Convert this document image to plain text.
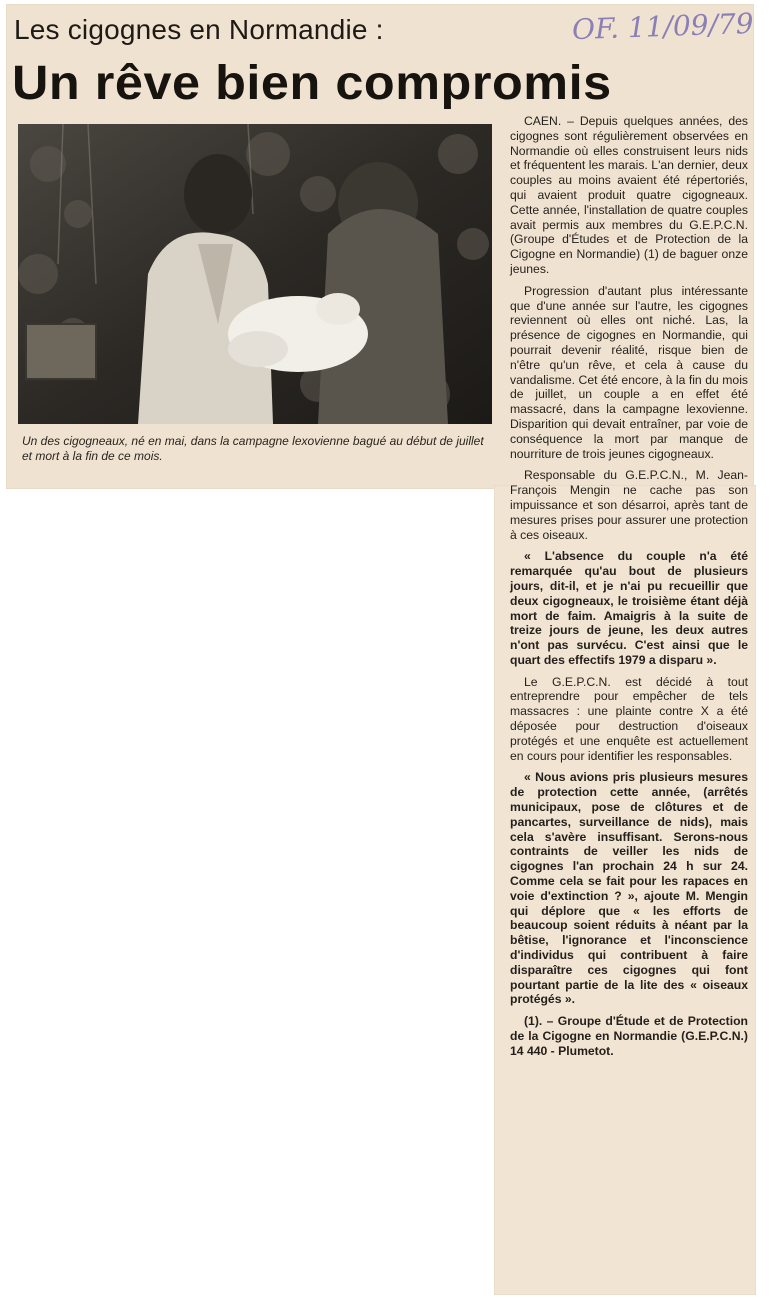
Les cigognes en Normandie :
Un rêve bien compromis
OF. 11/09/79
Un des cigogneaux, né en mai, dans la campagne lexovienne bagué au début de juillet et mort à la fin de ce mois.

CAEN. – Depuis quelques années, des cigognes sont régulièrement observées en Normandie où elles construisent leurs nids et fréquentent les marais. L'an dernier, deux couples au moins avaient été répertoriés, qui avaient produit quatre cigogneaux. Cette année, l'installation de quatre couples avait permis aux membres du G.E.P.C.N. (Groupe d'Études et de Protection de la Cigogne en Normandie) (1) de baguer onze jeunes.

Progression d'autant plus intéressante que d'une année sur l'autre, les cigognes reviennent où elles ont niché. Las, la présence de cigognes en Normandie, qui pourrait devenir réalité, risque bien de n'être qu'un rêve, et cela à cause du vandalisme. Cet été encore, à la fin du mois de juillet, un couple a en effet été massacré, dans la campagne lexovienne. Disparition qui devait entraîner, par voie de conséquence la mort par manque de nourriture de trois jeunes cigogneaux.

Responsable du G.E.P.C.N., M. Jean-François Mengin ne cache pas son impuissance et son désarroi, après tant de mesures prises pour assurer une protection à ces oiseaux.

« L'absence du couple n'a été remarquée qu'au bout de plusieurs jours, dit-il, et je n'ai pu recueillir que deux cigogneaux, le troisième étant déjà mort de faim. Amaigris à la suite de treize jours de jeune, les deux autres n'ont pas survécu. C'est ainsi que le quart des effectifs 1979 a disparu ».

Le G.E.P.C.N. est décidé à tout entreprendre pour empêcher de tels massacres : une plainte contre X a été déposée pour destruction d'oiseaux protégés et une enquête est actuellement en cours pour identifier les responsables.

« Nous avions pris plusieurs mesures de protection cette année, (arrêtés municipaux, pose de clôtures et de pancartes, surveillance de nids), mais cela s'avère insuffisant. Serons-nous contraints de veiller les nids de cigognes l'an prochain 24 h sur 24. Comme cela se fait pour les rapaces en voie d'extinction ? », ajoute M. Mengin qui déplore que « les efforts de beaucoup soient réduits à néant par la bêtise, l'ignorance et l'inconscience d'individus qui contribuent à faire disparaître ces cigognes qui font pourtant partie de la lite des « oiseaux protégés ».

(1). – Groupe d'Étude et de Protection de la Cigogne en Normandie (G.E.P.C.N.) 14 440 - Plumetot.
